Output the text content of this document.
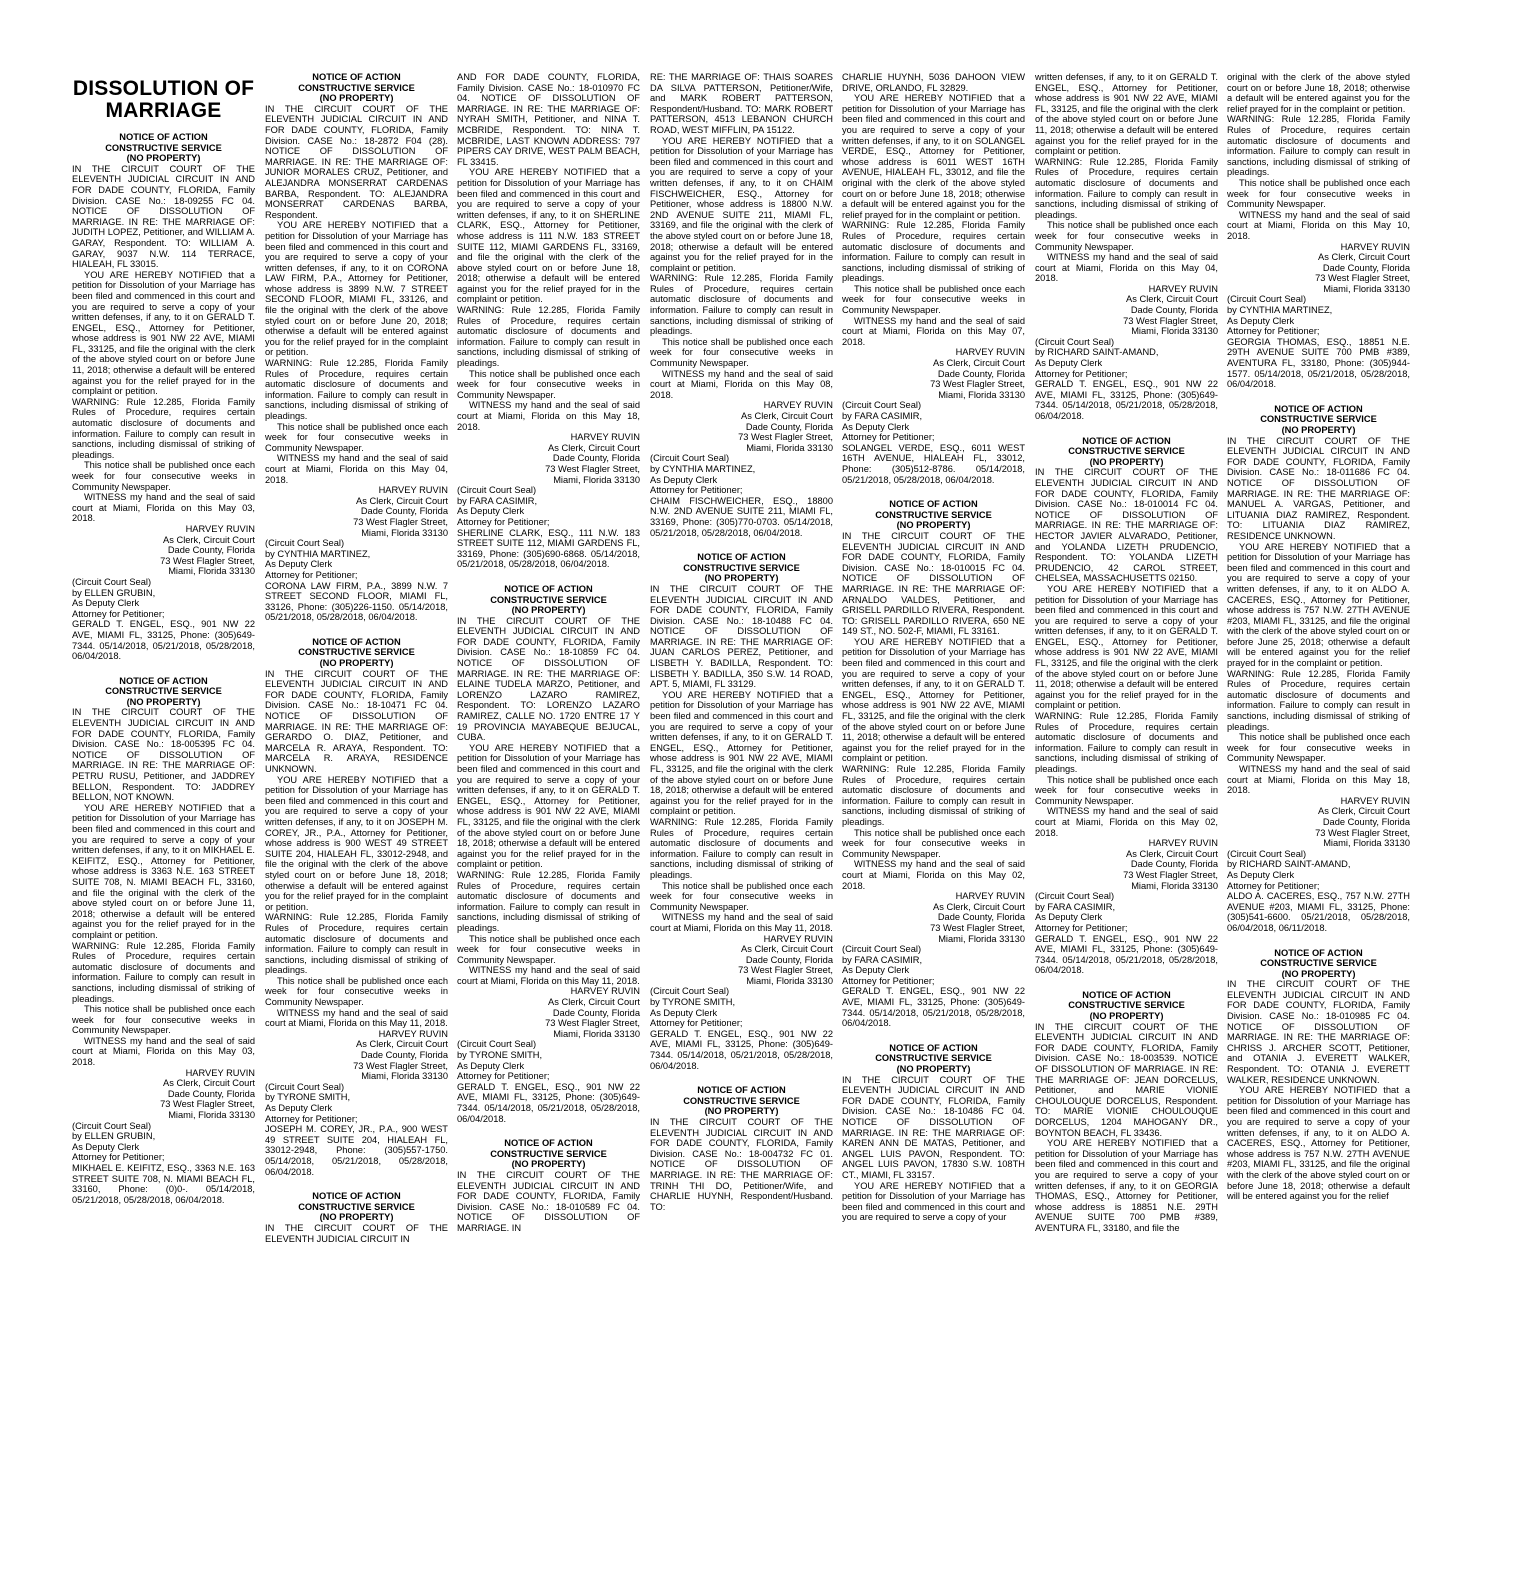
DISSOLUTION OF MARRIAGE

NOTICE OF ACTION
CONSTRUCTIVE SERVICE
(NO PROPERTY)

IN THE CIRCUIT COURT OF THE ELEVENTH JUDICIAL CIRCUIT IN AND FOR DADE COUNTY, FLORIDA, Family Division. CASE No.: 18-09255 FC 04. NOTICE OF DISSOLUTION OF MARRIAGE. IN RE: THE MARRIAGE OF: JUDITH LOPEZ, Petitioner, and WILLIAM A. GARAY, Respondent. TO: WILLIAM A. GARAY, 9037 N.W. 114 TERRACE, HIALEAH, FL 33015.

YOU ARE HEREBY NOTIFIED that a petition for Dissolution of your Marriage has been filed and commenced in this court and you are required to serve a copy of your written defenses, if any, to it on GERALD T. ENGEL, ESQ., Attorney for Petitioner, whose address is 901 NW 22 AVE, MIAMI FL, 33125, and file the original with the clerk of the above styled court on or before June 11, 2018; otherwise a default will be entered against you for the relief prayed for in the complaint or petition.

WARNING: Rule 12.285, Florida Family Rules of Procedure, requires certain automatic disclosure of documents and information. Failure to comply can result in sanctions, including dismissal of striking of pleadings.

This notice shall be published once each week for four consecutive weeks in Community Newspaper.

WITNESS my hand and the seal of said court at Miami, Florida on this May 03, 2018.

HARVEY RUVIN
As Clerk, Circuit Court
Dade County, Florida
73 West Flagler Street,
Miami, Florida 33130

(Circuit Court Seal)
by ELLEN GRUBIN,
As Deputy Clerk
Attorney for Petitioner;
GERALD T. ENGEL, ESQ., 901 NW 22 AVE, MIAMI FL, 33125, Phone: (305)649-7344. 05/14/2018, 05/21/2018, 05/28/2018, 06/04/2018.

NOTICE OF ACTION
CONSTRUCTIVE SERVICE
(NO PROPERTY)

IN THE CIRCUIT COURT OF THE ELEVENTH JUDICIAL CIRCUIT IN AND FOR DADE COUNTY, FLORIDA, Family Division. CASE No.: 18-005395 FC 04. NOTICE OF DISSOLUTION OF MARRIAGE. IN RE: THE MARRIAGE OF: PETRU RUSU, Petitioner, and JADDREY BELLON, Respondent. TO: JADDREY BELLON, NOT KNOWN.

YOU ARE HEREBY NOTIFIED that a petition for Dissolution of your Marriage has been filed and commenced in this court and you are required to serve a copy of your written defenses, if any, to it on MIKHAEL E. KEIFITZ, ESQ., Attorney for Petitioner, whose address is 3363 N.E. 163 STREET SUITE 708, N. MIAMI BEACH FL, 33160, and file the original with the clerk of the above styled court on or before June 11, 2018; otherwise a default will be entered against you for the relief prayed for in the complaint or petition.

WARNING: Rule 12.285, Florida Family Rules of Procedure, requires certain automatic disclosure of documents and information. Failure to comply can result in sanctions, including dismissal of striking of pleadings.

This notice shall be published once each week for four consecutive weeks in Community Newspaper.

WITNESS my hand and the seal of said court at Miami, Florida on this May 03, 2018.

HARVEY RUVIN
As Clerk, Circuit Court
Dade County, Florida
73 West Flagler Street,
Miami, Florida 33130

(Circuit Court Seal)
by ELLEN GRUBIN,
As Deputy Clerk
Attorney for Petitioner;
MIKHAEL E. KEIFITZ, ESQ., 3363 N.E. 163 STREET SUITE 708, N. MIAMI BEACH FL, 33160, Phone: (0)0-. 05/14/2018, 05/21/2018, 05/28/2018, 06/04/2018.

NOTICE OF ACTION
CONSTRUCTIVE SERVICE
(NO PROPERTY)

IN THE CIRCUIT COURT OF THE ELEVENTH JUDICIAL CIRCUIT IN AND FOR DADE COUNTY, FLORIDA, Family Division. CASE No.: 18-2872 F04 (28). NOTICE OF DISSOLUTION OF MARRIAGE. IN RE: THE MARRIAGE OF: JUNIOR MORALES CRUZ, Petitioner, and ALEJANDRA MONSERRAT CARDENAS BARBA, Respondent. TO: ALEJANDRA MONSERRAT CARDENAS BARBA, Respondent.

YOU ARE HEREBY NOTIFIED that a petition for Dissolution of your Marriage has been filed and commenced in this court and you are required to serve a copy of your written defenses, if any, to it on CORONA LAW FIRM, P.A., Attorney for Petitioner, whose address is 3899 N.W. 7 STREET SECOND FLOOR, MIAMI FL, 33126, and file the original with the clerk of the above styled court on or before June 20, 2018; otherwise a default will be entered against you for the relief prayed for in the complaint or petition.

WARNING: Rule 12.285, Florida Family Rules of Procedure, requires certain automatic disclosure of documents and information. Failure to comply can result in sanctions, including dismissal of striking of pleadings.

This notice shall be published once each week for four consecutive weeks in Community Newspaper.

WITNESS my hand and the seal of said court at Miami, Florida on this May 04, 2018.

HARVEY RUVIN
As Clerk, Circuit Court
Dade County, Florida
73 West Flagler Street,
Miami, Florida 33130

(Circuit Court Seal)
by CYNTHIA MARTINEZ,
As Deputy Clerk
Attorney for Petitioner;
CORONA LAW FIRM, P.A., 3899 N.W. 7 STREET SECOND FLOOR, MIAMI FL, 33126, Phone: (305)226-1150. 05/14/2018, 05/21/2018, 05/28/2018, 06/04/2018.

NOTICE OF ACTION
CONSTRUCTIVE SERVICE
(NO PROPERTY)

IN THE CIRCUIT COURT OF THE ELEVENTH JUDICIAL CIRCUIT IN AND FOR DADE COUNTY, FLORIDA, Family Division. CASE No.: 18-10471 FC 04. NOTICE OF DISSOLUTION OF MARRIAGE. IN RE: THE MARRIAGE OF: GERARDO O. DIAZ, Petitioner, and MARCELA R. ARAYA, Respondent. TO: MARCELA R. ARAYA, RESIDENCE UNKNOWN.

YOU ARE HEREBY NOTIFIED that a petition for Dissolution of your Marriage has been filed and commenced in this court and you are required to serve a copy of your written defenses, if any, to it on JOSEPH M. COREY, JR., P.A., Attorney for Petitioner, whose address is 900 WEST 49 STREET SUITE 204, HIALEAH FL, 33012-2948, and file the original with the clerk of the above styled court on or before June 18, 2018; otherwise a default will be entered against you for the relief prayed for in the complaint or petition.

WARNING: Rule 12.285, Florida Family Rules of Procedure, requires certain automatic disclosure of documents and information. Failure to comply can result in sanctions, including dismissal of striking of pleadings.

This notice shall be published once each week for four consecutive weeks in Community Newspaper.

WITNESS my hand and the seal of said court at Miami, Florida on this May 11, 2018.

HARVEY RUVIN
As Clerk, Circuit Court
Dade County, Florida
73 West Flagler Street,
Miami, Florida 33130

(Circuit Court Seal)
by TYRONE SMITH,
As Deputy Clerk
Attorney for Petitioner;
JOSEPH M. COREY, JR., P.A., 900 WEST 49 STREET SUITE 204, HIALEAH FL, 33012-2948, Phone: (305)557-1750. 05/14/2018, 05/21/2018, 05/28/2018, 06/04/2018.

NOTICE OF ACTION
CONSTRUCTIVE SERVICE
(NO PROPERTY)

IN THE CIRCUIT COURT OF THE ELEVENTH JUDICIAL CIRCUIT IN

AND FOR DADE COUNTY, FLORIDA, Family Division. CASE No.: 18-010970 FC 04. NOTICE OF DISSOLUTION OF MARRIAGE. IN RE: THE MARRIAGE OF: NYRAH SMITH, Petitioner, and NINA T. MCBRIDE, Respondent. TO: NINA T. MCBRIDE, LAST KNOWN ADDRESS: 797 PIPERS CAY DRIVE, WEST PALM BEACH, FL 33415.

YOU ARE HEREBY NOTIFIED that a petition for Dissolution of your Marriage has been filed and commenced in this court and you are required to serve a copy of your written defenses, if any, to it on SHERLINE CLARK, ESQ., Attorney for Petitioner, whose address is 111 N.W. 183 STREET SUITE 112, MIAMI GARDENS FL, 33169, and file the original with the clerk of the above styled court on or before June 18, 2018; otherwise a default will be entered against you for the relief prayed for in the complaint or petition.

WARNING: Rule 12.285, Florida Family Rules of Procedure, requires certain automatic disclosure of documents and information. Failure to comply can result in sanctions, including dismissal of striking of pleadings.

This notice shall be published once each week for four consecutive weeks in Community Newspaper.

WITNESS my hand and the seal of said court at Miami, Florida on this May 18, 2018.

HARVEY RUVIN
As Clerk, Circuit Court
Dade County, Florida
73 West Flagler Street,
Miami, Florida 33130

(Circuit Court Seal)
by FARA CASIMIR,
As Deputy Clerk
Attorney for Petitioner;
SHERLINE CLARK, ESQ., 111 N.W. 183 STREET SUITE 112, MIAMI GARDENS FL, 33169, Phone: (305)690-6868. 05/14/2018, 05/21/2018, 05/28/2018, 06/04/2018.

NOTICE OF ACTION
CONSTRUCTIVE SERVICE
(NO PROPERTY)

IN THE CIRCUIT COURT OF THE ELEVENTH JUDICIAL CIRCUIT IN AND FOR DADE COUNTY, FLORIDA, Family Division. CASE No.: 18-10859 FC 04. NOTICE OF DISSOLUTION OF MARRIAGE. IN RE: THE MARRIAGE OF: ELAINE TUDELA MARZO, Petitioner, and LORENZO LAZARO RAMIREZ, Respondent. TO: LORENZO LAZARO RAMIREZ, CALLE NO. 1720 ENTRE 17 Y 19 PROVINCIA MAYABEQUE BEJUCAL, CUBA.

YOU ARE HEREBY NOTIFIED that a petition for Dissolution of your Marriage has been filed and commenced in this court and you are required to serve a copy of your written defenses, if any, to it on GERALD T. ENGEL, ESQ., Attorney for Petitioner, whose address is 901 NW 22 AVE, MIAMI FL, 33125, and file the original with the clerk of the above styled court on or before June 18, 2018; otherwise a default will be entered against you for the relief prayed for in the complaint or petition.

WARNING: Rule 12.285, Florida Family Rules of Procedure, requires certain automatic disclosure of documents and information. Failure to comply can result in sanctions, including dismissal of striking of pleadings.

This notice shall be published once each week for four consecutive weeks in Community Newspaper.

WITNESS my hand and the seal of said court at Miami, Florida on this May 11, 2018.

HARVEY RUVIN
As Clerk, Circuit Court
Dade County, Florida
73 West Flagler Street,
Miami, Florida 33130

(Circuit Court Seal)
by TYRONE SMITH,
As Deputy Clerk
Attorney for Petitioner;
GERALD T. ENGEL, ESQ., 901 NW 22 AVE, MIAMI FL, 33125, Phone: (305)649-7344. 05/14/2018, 05/21/2018, 05/28/2018, 06/04/2018.

NOTICE OF ACTION
CONSTRUCTIVE SERVICE
(NO PROPERTY)

IN THE CIRCUIT COURT OF THE ELEVENTH JUDICIAL CIRCUIT IN AND FOR DADE COUNTY, FLORIDA, Family Division. CASE No.: 18-010589 FC 04. NOTICE OF DISSOLUTION OF MARRIAGE. IN

RE: THE MARRIAGE OF: THAIS SOARES DA SILVA PATTERSON, Petitioner/Wife, and MARK ROBERT PATTERSON, Respondent/Husband. TO: MARK ROBERT PATTERSON, 4513 LEBANON CHURCH ROAD, WEST MIFFLIN, PA 15122.

YOU ARE HEREBY NOTIFIED that a petition for Dissolution of your Marriage has been filed and commenced in this court and you are required to serve a copy of your written defenses, if any, to it on CHAIM FISCHWEICHER, ESQ., Attorney for Petitioner, whose address is 18800 N.W. 2ND AVENUE SUITE 211, MIAMI FL, 33169, and file the original with the clerk of the above styled court on or before June 18, 2018; otherwise a default will be entered against you for the relief prayed for in the complaint or petition.

WARNING: Rule 12.285, Florida Family Rules of Procedure, requires certain automatic disclosure of documents and information. Failure to comply can result in sanctions, including dismissal of striking of pleadings.

This notice shall be published once each week for four consecutive weeks in Community Newspaper.

WITNESS my hand and the seal of said court at Miami, Florida on this May 08, 2018.

HARVEY RUVIN
As Clerk, Circuit Court
Dade County, Florida
73 West Flagler Street,
Miami, Florida 33130

(Circuit Court Seal)
by CYNTHIA MARTINEZ,
As Deputy Clerk
Attorney for Petitioner;
CHAIM FISCHWEICHER, ESQ., 18800 N.W. 2ND AVENUE SUITE 211, MIAMI FL, 33169, Phone: (305)770-0703. 05/14/2018, 05/21/2018, 05/28/2018, 06/04/2018.

NOTICE OF ACTION
CONSTRUCTIVE SERVICE
(NO PROPERTY)

IN THE CIRCUIT COURT OF THE ELEVENTH JUDICIAL CIRCUIT IN AND FOR DADE COUNTY, FLORIDA, Family Division. CASE No.: 18-10488 FC 04. NOTICE OF DISSOLUTION OF MARRIAGE. IN RE: THE MARRIAGE OF: JUAN CARLOS PEREZ, Petitioner, and LISBETH Y. BADILLA, Respondent. TO: LISBETH Y. BADILLA, 350 S.W. 14 ROAD, APT. 5, MIAMI, FL 33129.

YOU ARE HEREBY NOTIFIED that a petition for Dissolution of your Marriage has been filed and commenced in this court and you are required to serve a copy of your written defenses, if any, to it on GERALD T. ENGEL, ESQ., Attorney for Petitioner, whose address is 901 NW 22 AVE, MIAMI FL, 33125, and file the original with the clerk of the above styled court on or before June 18, 2018; otherwise a default will be entered against you for the relief prayed for in the complaint or petition.

WARNING: Rule 12.285, Florida Family Rules of Procedure, requires certain automatic disclosure of documents and information. Failure to comply can result in sanctions, including dismissal of striking of pleadings.

This notice shall be published once each week for four consecutive weeks in Community Newspaper.

WITNESS my hand and the seal of said court at Miami, Florida on this May 11, 2018.

HARVEY RUVIN
As Clerk, Circuit Court
Dade County, Florida
73 West Flagler Street,
Miami, Florida 33130

(Circuit Court Seal)
by TYRONE SMITH,
As Deputy Clerk
Attorney for Petitioner;
GERALD T. ENGEL, ESQ., 901 NW 22 AVE, MIAMI FL, 33125, Phone: (305)649-7344. 05/14/2018, 05/21/2018, 05/28/2018, 06/04/2018.

NOTICE OF ACTION
CONSTRUCTIVE SERVICE
(NO PROPERTY)

IN THE CIRCUIT COURT OF THE ELEVENTH JUDICIAL CIRCUIT IN AND FOR DADE COUNTY, FLORIDA, Family Division. CASE No.: 18-004732 FC 01. NOTICE OF DISSOLUTION OF MARRIAGE. IN RE: THE MARRIAGE OF: TRINH THI DO, Petitioner/Wife, and CHARLIE HUYNH, Respondent/Husband. TO:

CHARLIE HUYNH, 5036 DAHOON VIEW DRIVE, ORLANDO, FL 32829.

YOU ARE HEREBY NOTIFIED that a petition for Dissolution of your Marriage has been filed and commenced in this court and you are required to serve a copy of your written defenses, if any, to it on SOLANGEL VERDE, ESQ., Attorney for Petitioner, whose address is 6011 WEST 16TH AVENUE, HIALEAH FL, 33012, and file the original with the clerk of the above styled court on or before June 18, 2018; otherwise a default will be entered against you for the relief prayed for in the complaint or petition.

WARNING: Rule 12.285, Florida Family Rules of Procedure, requires certain automatic disclosure of documents and information. Failure to comply can result in sanctions, including dismissal of striking of pleadings.

This notice shall be published once each week for four consecutive weeks in Community Newspaper.

WITNESS my hand and the seal of said court at Miami, Florida on this May 07, 2018.

HARVEY RUVIN
As Clerk, Circuit Court
Dade County, Florida
73 West Flagler Street,
Miami, Florida 33130

(Circuit Court Seal)
by FARA CASIMIR,
As Deputy Clerk
Attorney for Petitioner;
SOLANGEL VERDE, ESQ., 6011 WEST 16TH AVENUE, HIALEAH FL, 33012, Phone: (305)512-8786. 05/14/2018, 05/21/2018, 05/28/2018, 06/04/2018.

NOTICE OF ACTION
CONSTRUCTIVE SERVICE
(NO PROPERTY)

IN THE CIRCUIT COURT OF THE ELEVENTH JUDICIAL CIRCUIT IN AND FOR DADE COUNTY, FLORIDA, Family Division. CASE No.: 18-010015 FC 04. NOTICE OF DISSOLUTION OF MARRIAGE. IN RE: THE MARRIAGE OF: ARNALDO VALDES, Petitioner, and GRISELL PARDILLO RIVERA, Respondent. TO: GRISELL PARDILLO RIVERA, 650 NE 149 ST., NO. 502-F, MIAMI, FL 33161.

YOU ARE HEREBY NOTIFIED that a petition for Dissolution of your Marriage has been filed and commenced in this court and you are required to serve a copy of your written defenses, if any, to it on GERALD T. ENGEL, ESQ., Attorney for Petitioner, whose address is 901 NW 22 AVE, MIAMI FL, 33125, and file the original with the clerk of the above styled court on or before June 11, 2018; otherwise a default will be entered against you for the relief prayed for in the complaint or petition.

WARNING: Rule 12.285, Florida Family Rules of Procedure, requires certain automatic disclosure of documents and information. Failure to comply can result in sanctions, including dismissal of striking of pleadings.

This notice shall be published once each week for four consecutive weeks in Community Newspaper.

WITNESS my hand and the seal of said court at Miami, Florida on this May 02, 2018.

HARVEY RUVIN
As Clerk, Circuit Court
Dade County, Florida
73 West Flagler Street,
Miami, Florida 33130

(Circuit Court Seal)
by FARA CASIMIR,
As Deputy Clerk
Attorney for Petitioner;
GERALD T. ENGEL, ESQ., 901 NW 22 AVE, MIAMI FL, 33125, Phone: (305)649-7344. 05/14/2018, 05/21/2018, 05/28/2018, 06/04/2018.

NOTICE OF ACTION
CONSTRUCTIVE SERVICE
(NO PROPERTY)

IN THE CIRCUIT COURT OF THE ELEVENTH JUDICIAL CIRCUIT IN AND FOR DADE COUNTY, FLORIDA, Family Division. CASE No.: 18-10486 FC 04. NOTICE OF DISSOLUTION OF MARRIAGE. IN RE: THE MARRIAGE OF: KAREN ANN DE MATAS, Petitioner, and ANGEL LUIS PAVON, Respondent. TO: ANGEL LUIS PAVON, 17830 S.W. 108TH CT., MIAMI, FL 33157.

YOU ARE HEREBY NOTIFIED that a petition for Dissolution of your Marriage has been filed and commenced in this court and you are required to serve a copy of your

written defenses, if any, to it on GERALD T. ENGEL, ESQ., Attorney for Petitioner, whose address is 901 NW 22 AVE, MIAMI FL, 33125, and file the original with the clerk of the above styled court on or before June 11, 2018; otherwise a default will be entered against you for the relief prayed for in the complaint or petition.

WARNING: Rule 12.285, Florida Family Rules of Procedure, requires certain automatic disclosure of documents and information. Failure to comply can result in sanctions, including dismissal of striking of pleadings.

This notice shall be published once each week for four consecutive weeks in Community Newspaper.

WITNESS my hand and the seal of said court at Miami, Florida on this May 04, 2018.

HARVEY RUVIN
As Clerk, Circuit Court
Dade County, Florida
73 West Flagler Street,
Miami, Florida 33130

(Circuit Court Seal)
by RICHARD SAINT-AMAND,
As Deputy Clerk
Attorney for Petitioner;
GERALD T. ENGEL, ESQ., 901 NW 22 AVE, MIAMI FL, 33125, Phone: (305)649-7344. 05/14/2018, 05/21/2018, 05/28/2018, 06/04/2018.

NOTICE OF ACTION
CONSTRUCTIVE SERVICE
(NO PROPERTY)

IN THE CIRCUIT COURT OF THE ELEVENTH JUDICIAL CIRCUIT IN AND FOR DADE COUNTY, FLORIDA, Family Division. CASE No.: 18-010014 FC 04. NOTICE OF DISSOLUTION OF MARRIAGE. IN RE: THE MARRIAGE OF: HECTOR JAVIER ALVARADO, Petitioner, and YOLANDA LIZETH PRUDENCIO, Respondent. TO: YOLANDA LIZETH PRUDENCIO, 42 CAROL STREET, CHELSEA, MASSACHUSETTS 02150.

YOU ARE HEREBY NOTIFIED that a petition for Dissolution of your Marriage has been filed and commenced in this court and you are required to serve a copy of your written defenses, if any, to it on GERALD T. ENGEL, ESQ., Attorney for Petitioner, whose address is 901 NW 22 AVE, MIAMI FL, 33125, and file the original with the clerk of the above styled court on or before June 11, 2018; otherwise a default will be entered against you for the relief prayed for in the complaint or petition.

WARNING: Rule 12.285, Florida Family Rules of Procedure, requires certain automatic disclosure of documents and information. Failure to comply can result in sanctions, including dismissal of striking of pleadings.

This notice shall be published once each week for four consecutive weeks in Community Newspaper.

WITNESS my hand and the seal of said court at Miami, Florida on this May 02, 2018.

HARVEY RUVIN
As Clerk, Circuit Court
Dade County, Florida
73 West Flagler Street,
Miami, Florida 33130

(Circuit Court Seal)
by FARA CASIMIR,
As Deputy Clerk
Attorney for Petitioner;
GERALD T. ENGEL, ESQ., 901 NW 22 AVE, MIAMI FL, 33125, Phone: (305)649-7344. 05/14/2018, 05/21/2018, 05/28/2018, 06/04/2018.

NOTICE OF ACTION
CONSTRUCTIVE SERVICE
(NO PROPERTY)

IN THE CIRCUIT COURT OF THE ELEVENTH JUDICIAL CIRCUIT IN AND FOR DADE COUNTY, FLORIDA, Family Division. CASE No.: 18-003539. NOTICE OF DISSOLUTION OF MARRIAGE. IN RE: THE MARRIAGE OF: JEAN DORCELUS, Petitioner, and MARIE VIONIE CHOULOUQUE DORCELUS, Respondent. TO: MARIE VIONIE CHOULOUQUE DORCELUS, 1204 MAHOGANY DR., BOYNTON BEACH, FL 33436.

YOU ARE HEREBY NOTIFIED that a petition for Dissolution of your Marriage has been filed and commenced in this court and you are required to serve a copy of your written defenses, if any, to it on GEORGIA THOMAS, ESQ., Attorney for Petitioner, whose address is 18851 N.E. 29TH AVENUE SUITE 700 PMB #389, AVENTURA FL, 33180, and file the

original with the clerk of the above styled court on or before June 18, 2018; otherwise a default will be entered against you for the relief prayed for in the complaint or petition.

WARNING: Rule 12.285, Florida Family Rules of Procedure, requires certain automatic disclosure of documents and information. Failure to comply can result in sanctions, including dismissal of striking of pleadings.

This notice shall be published once each week for four consecutive weeks in Community Newspaper.

WITNESS my hand and the seal of said court at Miami, Florida on this May 10, 2018.

HARVEY RUVIN
As Clerk, Circuit Court
Dade County, Florida
73 West Flagler Street,
Miami, Florida 33130

(Circuit Court Seal)
by CYNTHIA MARTINEZ,
As Deputy Clerk
Attorney for Petitioner;
GEORGIA THOMAS, ESQ., 18851 N.E. 29TH AVENUE SUITE 700 PMB #389, AVENTURA FL, 33180, Phone: (305)944-1577. 05/14/2018, 05/21/2018, 05/28/2018, 06/04/2018.

NOTICE OF ACTION
CONSTRUCTIVE SERVICE
(NO PROPERTY)

IN THE CIRCUIT COURT OF THE ELEVENTH JUDICIAL CIRCUIT IN AND FOR DADE COUNTY, FLORIDA, Family Division. CASE No.: 18-011686 FC 04. NOTICE OF DISSOLUTION OF MARRIAGE. IN RE: THE MARRIAGE OF: MANUEL A. VARGAS, Petitioner, and LITUANIA DIAZ RAMIREZ, Respondent. TO: LITUANIA DIAZ RAMIREZ, RESIDENCE UNKNOWN.

YOU ARE HEREBY NOTIFIED that a petition for Dissolution of your Marriage has been filed and commenced in this court and you are required to serve a copy of your written defenses, if any, to it on ALDO A. CACERES, ESQ., Attorney for Petitioner, whose address is 757 N.W. 27TH AVENUE #203, MIAMI FL, 33125, and file the original with the clerk of the above styled court on or before June 25, 2018; otherwise a default will be entered against you for the relief prayed for in the complaint or petition.

WARNING: Rule 12.285, Florida Family Rules of Procedure, requires certain automatic disclosure of documents and information. Failure to comply can result in sanctions, including dismissal of striking of pleadings.

This notice shall be published once each week for four consecutive weeks in Community Newspaper.

WITNESS my hand and the seal of said court at Miami, Florida on this May 18, 2018.

HARVEY RUVIN
As Clerk, Circuit Court
Dade County, Florida
73 West Flagler Street,
Miami, Florida 33130

(Circuit Court Seal)
by RICHARD SAINT-AMAND,
As Deputy Clerk
Attorney for Petitioner;
ALDO A. CACERES, ESQ., 757 N.W. 27TH AVENUE #203, MIAMI FL, 33125, Phone: (305)541-6600. 05/21/2018, 05/28/2018, 06/04/2018, 06/11/2018.

NOTICE OF ACTION
CONSTRUCTIVE SERVICE
(NO PROPERTY)

IN THE CIRCUIT COURT OF THE ELEVENTH JUDICIAL CIRCUIT IN AND FOR DADE COUNTY, FLORIDA, Family Division. CASE No.: 18-010985 FC 04. NOTICE OF DISSOLUTION OF MARRIAGE. IN RE: THE MARRIAGE OF: CHRISS J. ARCHER SCOTT, Petitioner, and OTANIA J. EVERETT WALKER, Respondent. TO: OTANIA J. EVERETT WALKER, RESIDENCE UNKNOWN.

YOU ARE HEREBY NOTIFIED that a petition for Dissolution of your Marriage has been filed and commenced in this court and you are required to serve a copy of your written defenses, if any, to it on ALDO A. CACERES, ESQ., Attorney for Petitioner, whose address is 757 N.W. 27TH AVENUE #203, MIAMI FL, 33125, and file the original with the clerk of the above styled court on or before June 18, 2018; otherwise a default will be entered against you for the relief
